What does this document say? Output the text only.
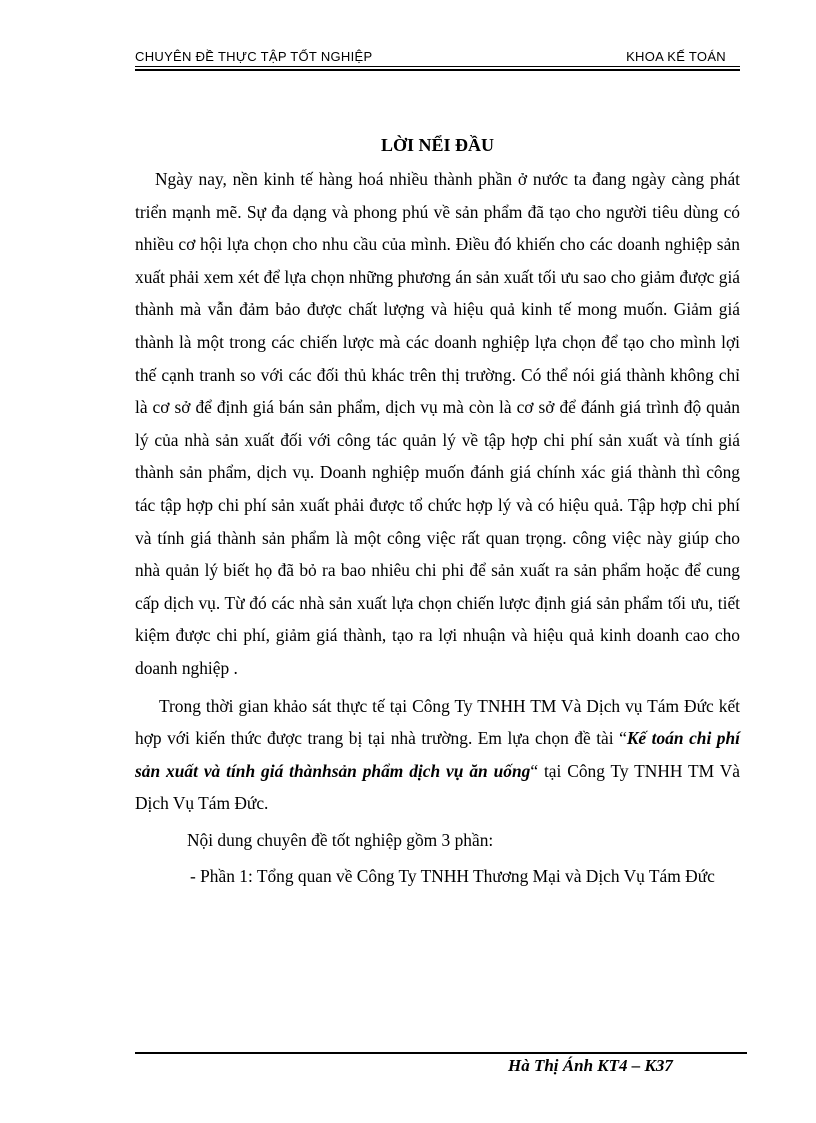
CHUYÊN ĐỀ THỰC TẬP TỐT NGHIỆP	KHOA KẾ TOÁN
LỜI NỂI ĐẦU

Ngày nay, nền kinh tế hàng hoá nhiều thành phần ở nước ta đang ngày càng phát triển mạnh mẽ. Sự đa dạng và phong phú về sản phẩm đã tạo cho người tiêu dùng có nhiều cơ hội lựa chọn cho nhu cầu của mình. Điều đó khiến cho các doanh nghiệp sản xuất phải xem xét để lựa chọn những phương án sản xuất tối ưu sao cho giảm được giá thành mà vẫn đảm bảo được chất lượng và hiệu quả kinh tế mong muốn. Giảm giá thành là một trong các chiến lược mà các doanh nghiệp lựa chọn để tạo cho mình lợi thế cạnh tranh so với các đối thủ khác trên thị trường. Có thể nói giá thành không chỉ là cơ sở để định giá bán sản phẩm, dịch vụ mà còn là cơ sở để đánh giá trình độ quản lý của nhà sản xuất đối với công tác quản lý về tập hợp chi phí sản xuất và tính giá thành sản phẩm, dịch vụ. Doanh nghiệp muốn đánh giá chính xác giá thành thì công tác tập hợp chi phí sản xuất phải được tổ chức hợp lý và có hiệu quả. Tập hợp chi phí và tính giá thành sản phẩm là một công việc rất quan trọng. công việc này giúp cho nhà quản lý biết họ đã bỏ ra bao nhiêu chi phi để sản xuất ra sản phẩm hoặc để cung cấp dịch vụ. Từ đó các nhà sản xuất lựa chọn chiến lược định giá sản phẩm tối ưu, tiết kiệm được chi phí, giảm giá thành, tạo ra lợi nhuận và hiệu quả kinh doanh cao cho doanh nghiệp .

Trong thời gian khảo sát thực tế tại Công Ty TNHH TM Và Dịch vụ Tám Đức kết hợp với kiến thức được trang bị tại nhà trường. Em lựa chọn đề tài “Kế toán chi phí sản xuất và tính giá thànhsản phẩm dịch vụ ăn uống“ tại Công Ty TNHH TM Và Dịch Vụ Tám Đức.

Nội dung chuyên đề tốt nghiệp gồm 3 phần:

- Phần 1: Tổng quan về Công Ty TNHH Thương Mại và Dịch Vụ Tám Đức

Hà Thị Ánh KT4 – K37
